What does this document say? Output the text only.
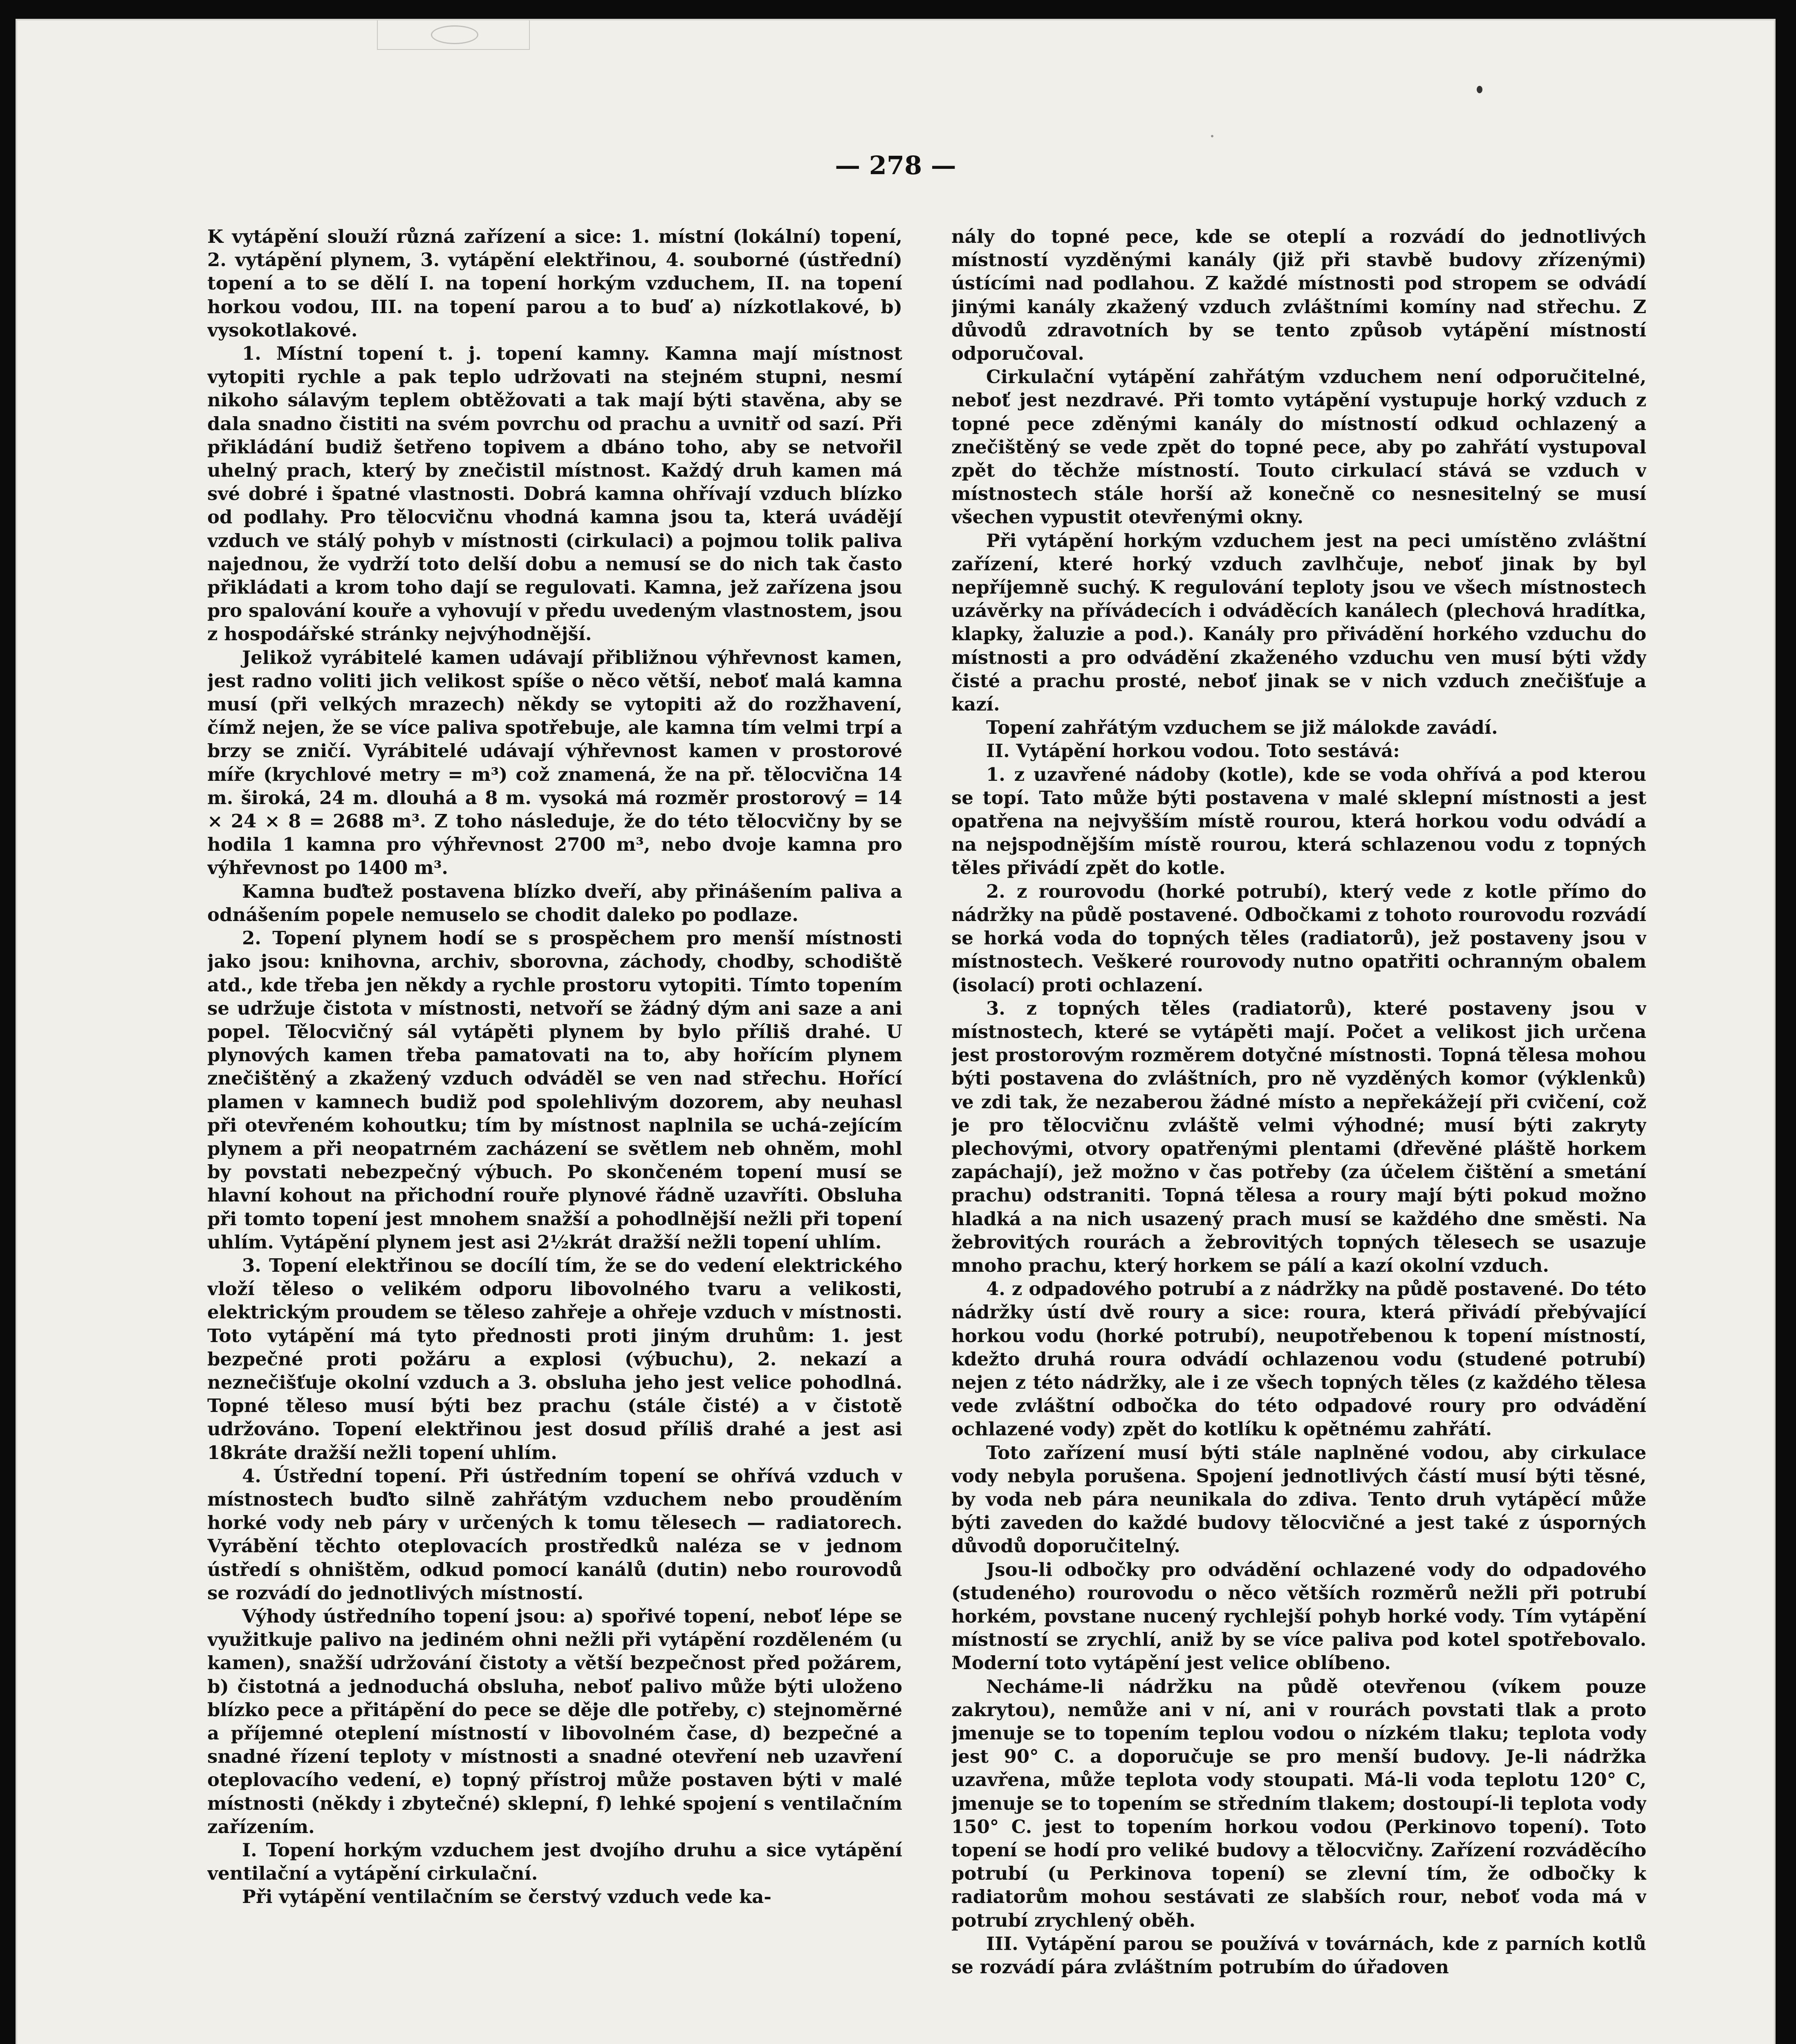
— 278 —

K vytápění slouží různá zařízení a sice: 1. místní (lokální) topení, 2. vytápění plynem, 3. vytápění elektřinou, 4. souborné (ústřední) topení a to se dělí I. na topení horkým vzduchem, II. na topení horkou vodou, III. na topení parou a to buď a) nízkotlakové, b) vysokotlakové.

1. Místní topení t. j. topení kamny. Kamna mají místnost vytopiti rychle a pak teplo udržovati na stejném stupni, nesmí nikoho sálavým teplem obtěžovati a tak mají býti stavěna, aby se dala snadno čistiti na svém povrchu od prachu a uvnitř od sazí. Při přikládání budiž šetřeno topivem a dbáno toho, aby se netvořil uhelný prach, který by znečistil místnost. Každý druh kamen má své dobré i špatné vlastnosti. Dobrá kamna ohřívají vzduch blízko od podlahy. Pro tělocvičnu vhodná kamna jsou ta, která uvádějí vzduch ve stálý pohyb v místnosti (cirkulaci) a pojmou tolik paliva najednou, že vydrží toto delší dobu a nemusí se do nich tak často přikládati a krom toho dají se regulovati. Kamna, jež zařízena jsou pro spalování kouře a vyhovují v předu uvedeným vlastnostem, jsou z hospodářské stránky nejvýhodnější.

Jelikož vyrábitelé kamen udávají přibližnou výhřevnost kamen, jest radno voliti jich velikost spíše o něco větší, neboť malá kamna musí (při velkých mrazech) někdy se vytopiti až do rozžhavení, čímž nejen, že se více paliva spotřebuje, ale kamna tím velmi trpí a brzy se zničí. Vyrábitelé udávají výhřevnost kamen v prostorové míře (krychlové metry = m³) což znamená, že na př. tělocvična 14 m. široká, 24 m. dlouhá a 8 m. vysoká má rozměr prostorový = 14 × 24 × 8 = 2688 m³. Z toho následuje, že do této tělocvičny by se hodila 1 kamna pro výhřevnost 2700 m³, nebo dvoje kamna pro výhřevnost po 1400 m³.

Kamna buďtež postavena blízko dveří, aby přinášením paliva a odnášením popele nemuselo se chodit daleko po podlaze.

2. Topení plynem hodí se s prospěchem pro menší místnosti jako jsou: knihovna, archiv, sborovna, záchody, chodby, schodiště atd., kde třeba jen někdy a rychle prostoru vytopiti. Tímto topením se udržuje čistota v místnosti, netvoří se žádný dým ani saze a ani popel. Tělocvičný sál vytápěti plynem by bylo příliš drahé. U plynových kamen třeba pamatovati na to, aby hořícím plynem znečištěný a zkažený vzduch odváděl se ven nad střechu. Hořící plamen v kamnech budiž pod spolehlivým dozorem, aby neuhasl při otevřeném kohoutku; tím by místnost naplnila se uchá-zejícím plynem a při neopatrném zacházení se světlem neb ohněm, mohl by povstati nebezpečný výbuch. Po skončeném topení musí se hlavní kohout na přichodní rouře plynové řádně uzavříti. Obsluha při tomto topení jest mnohem snažší a pohodlnější nežli při topení uhlím. Vytápění plynem jest asi 2½krát dražší nežli topení uhlím.

3. Topení elektřinou se docílí tím, že se do vedení elektrického vloží těleso o velikém odporu libovolného tvaru a velikosti, elektrickým proudem se těleso zahřeje a ohřeje vzduch v místnosti. Toto vytápění má tyto přednosti proti jiným druhům: 1. jest bezpečné proti požáru a explosi (výbuchu), 2. nekazí a neznečišťuje okolní vzduch a 3. obsluha jeho jest velice pohodlná. Topné těleso musí býti bez prachu (stále čisté) a v čistotě udržováno. Topení elektřinou jest dosud příliš drahé a jest asi 18kráte dražší nežli topení uhlím.

4. Ústřední topení. Při ústředním topení se ohřívá vzduch v místnostech buďto silně zahřátým vzduchem nebo prouděním horké vody neb páry v určených k tomu tělesech — radiatorech. Vyrábění těchto oteplovacích prostředků naléza se v jednom ústředí s ohništěm, odkud pomocí kanálů (dutin) nebo rourovodů se rozvádí do jednotlivých místností.

Výhody ústředního topení jsou: a) spořivé topení, neboť lépe se využitkuje palivo na jediném ohni nežli při vytápění rozděleném (u kamen), snažší udržování čistoty a větší bezpečnost před požárem, b) čistotná a jednoduchá obsluha, neboť palivo může býti uloženo blízko pece a přitápění do pece se děje dle potřeby, c) stejnoměrné a příjemné oteplení místností v libovolném čase, d) bezpečné a snadné řízení teploty v místnosti a snadné otevření neb uzavření oteplovacího vedení, e) topný přístroj může postaven býti v malé místnosti (někdy i zbytečné) sklepní, f) lehké spojení s ventilačním zařízením.

I. Topení horkým vzduchem jest dvojího druhu a sice vytápění ventilační a vytápění cirkulační.

Při vytápění ventilačním se čerstvý vzduch vede ka-

nály do topné pece, kde se oteplí a rozvádí do jednotlivých místností vyzděnými kanály (již při stavbě budovy zřízenými) ústícími nad podlahou. Z každé místnosti pod stropem se odvádí jinými kanály zkažený vzduch zvláštními komíny nad střechu. Z důvodů zdravotních by se tento způsob vytápění místností odporučoval.

Cirkulační vytápění zahřátým vzduchem není odporučitelné, neboť jest nezdravé. Při tomto vytápění vystupuje horký vzduch z topné pece zděnými kanály do místností odkud ochlazený a znečištěný se vede zpět do topné pece, aby po zahřátí vystupoval zpět do těchže místností. Touto cirkulací stává se vzduch v místnostech stále horší až konečně co nesnesitelný se musí všechen vypustit otevřenými okny.

Při vytápění horkým vzduchem jest na peci umístěno zvláštní zařízení, které horký vzduch zavlhčuje, neboť jinak by byl nepříjemně suchý. K regulování teploty jsou ve všech místnostech uzávěrky na přívádecích i odváděcích kanálech (plechová hradítka, klapky, žaluzie a pod.). Kanály pro přivádění horkého vzduchu do místnosti a pro odvádění zkaženého vzduchu ven musí býti vždy čisté a prachu prosté, neboť jinak se v nich vzduch znečišťuje a kazí.

Topení zahřátým vzduchem se již málokde zavádí.

II. Vytápění horkou vodou. Toto sestává:

1. z uzavřené nádoby (kotle), kde se voda ohřívá a pod kterou se topí. Tato může býti postavena v malé sklepní místnosti a jest opatřena na nejvyšším místě rourou, která horkou vodu odvádí a na nejspodnějším místě rourou, která schlazenou vodu z topných těles přivádí zpět do kotle.

2. z rourovodu (horké potrubí), který vede z kotle přímo do nádržky na půdě postavené. Odbočkami z tohoto rourovodu rozvádí se horká voda do topných těles (radiatorů), jež postaveny jsou v místnostech. Veškeré rourovody nutno opatřiti ochranným obalem (isolací) proti ochlazení.

3. z topných těles (radiatorů), které postaveny jsou v místnostech, které se vytápěti mají. Počet a velikost jich určena jest prostorovým rozměrem dotyčné místnosti. Topná tělesa mohou býti postavena do zvláštních, pro ně vyzděných komor (výklenků) ve zdi tak, že nezaberou žádné místo a nepřekážejí při cvičení, což je pro tělocvičnu zvláště velmi výhodné; musí býti zakryty plechovými, otvory opatřenými plentami (dřevěné pláště horkem zapáchají), jež možno v čas potřeby (za účelem čištění a smetání prachu) odstraniti. Topná tělesa a roury mají býti pokud možno hladká a na nich usazený prach musí se každého dne směsti. Na žebrovitých rourách a žebrovitých topných tělesech se usazuje mnoho prachu, který horkem se pálí a kazí okolní vzduch.

4. z odpadového potrubí a z nádržky na půdě postavené. Do této nádržky ústí dvě roury a sice: roura, která přivádí přebývající horkou vodu (horké potrubí), neupotřebenou k topení místností, kdežto druhá roura odvádí ochlazenou vodu (studené potrubí) nejen z této nádržky, ale i ze všech topných těles (z každého tělesa vede zvláštní odbočka do této odpadové roury pro odvádění ochlazené vody) zpět do kotlíku k opětnému zahřátí.

Toto zařízení musí býti stále naplněné vodou, aby cirkulace vody nebyla porušena. Spojení jednotlivých částí musí býti těsné, by voda neb pára neunikala do zdiva. Tento druh vytápěcí může býti zaveden do každé budovy tělocvičné a jest také z úsporných důvodů doporučitelný.

Jsou-li odbočky pro odvádění ochlazené vody do odpadového (studeného) rourovodu o něco větších rozměrů nežli při potrubí horkém, povstane nucený rychlejší pohyb horké vody. Tím vytápění místností se zrychlí, aniž by se více paliva pod kotel spotřebovalo. Moderní toto vytápění jest velice oblíbeno.

Necháme-li nádržku na půdě otevřenou (víkem pouze zakrytou), nemůže ani v ní, ani v rourách povstati tlak a proto jmenuje se to topením teplou vodou o nízkém tlaku; teplota vody jest 90° C. a doporučuje se pro menší budovy. Je-li nádržka uzavřena, může teplota vody stoupati. Má-li voda teplotu 120° C, jmenuje se to topením se středním tlakem; dostoupí-li teplota vody 150° C. jest to topením horkou vodou (Perkinovo topení). Toto topení se hodí pro veliké budovy a tělocvičny. Zařízení rozváděcího potrubí (u Perkinova topení) se zlevní tím, že odbočky k radiatorům mohou sestávati ze slabších rour, neboť voda má v potrubí zrychlený oběh.

III. Vytápění parou se používá v továrnách, kde z parních kotlů se rozvádí pára zvláštním potrubím do úřadoven
